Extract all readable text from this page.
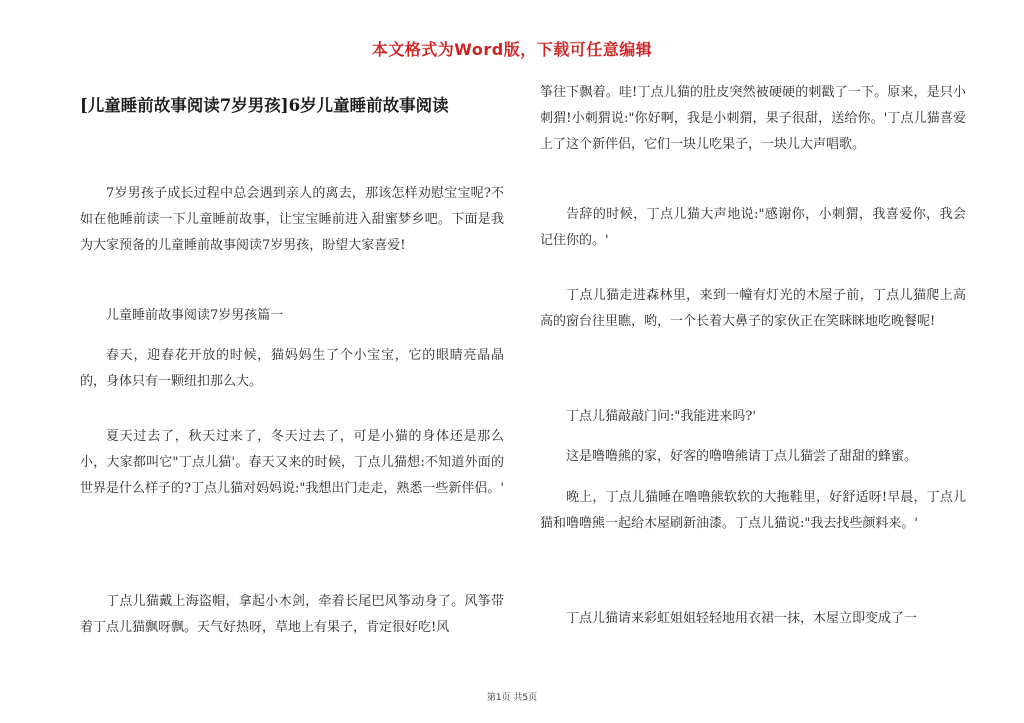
本文格式为Word版，下载可任意编辑
[儿童睡前故事阅读7岁男孩]6岁儿童睡前故事阅读
7岁男孩子成长过程中总会遇到亲人的离去，那该怎样劝慰宝宝呢?不如在他睡前读一下儿童睡前故事，让宝宝睡前进入甜蜜梦乡吧。下面是我为大家预备的儿童睡前故事阅读7岁男孩，盼望大家喜爱!
儿童睡前故事阅读7岁男孩篇一
春天，迎春花开放的时候，猫妈妈生了个小宝宝，它的眼睛亮晶晶的，身体只有一颗纽扣那么大。
夏天过去了，秋天过来了，冬天过去了，可是小猫的身体还是那么小，大家都叫它"丁点儿猫'。春天又来的时候，丁点儿猫想:不知道外面的世界是什么样子的?丁点儿猫对妈妈说:"我想出门走走，熟悉一些新伴侣。'
丁点儿猫戴上海盗帽，拿起小木剑，牵着长尾巴风筝动身了。风筝带着丁点儿猫飘呀飘。天气好热呀，草地上有果子，肯定很好吃!风
筝往下飘着。哇!丁点儿猫的肚皮突然被硬硬的刺戳了一下。原来，是只小刺猬!小刺猬说:"你好啊，我是小刺猬，果子很甜，送给你。'丁点儿猫喜爱上了这个新伴侣，它们一块儿吃果子，一块儿大声唱歌。
告辞的时候，丁点儿猫大声地说:"感谢你，小刺猬，我喜爱你，我会记住你的。'
丁点儿猫走进森林里，来到一幢有灯光的木屋子前，丁点儿猫爬上高高的窗台往里瞧，哟，一个长着大鼻子的家伙正在笑眯眯地吃晚餐呢!
丁点儿猫敲敲门问:"我能进来吗?'
这是噜噜熊的家，好客的噜噜熊请丁点儿猫尝了甜甜的蜂蜜。
晚上，丁点儿猫睡在噜噜熊软软的大拖鞋里，好舒适呀!早晨，丁点儿猫和噜噜熊一起给木屋刷新油漆。丁点儿猫说:"我去找些颜料来。'
丁点儿猫请来彩虹姐姐轻轻地用衣裙一抹，木屋立即变成了一
第1页 共5页
